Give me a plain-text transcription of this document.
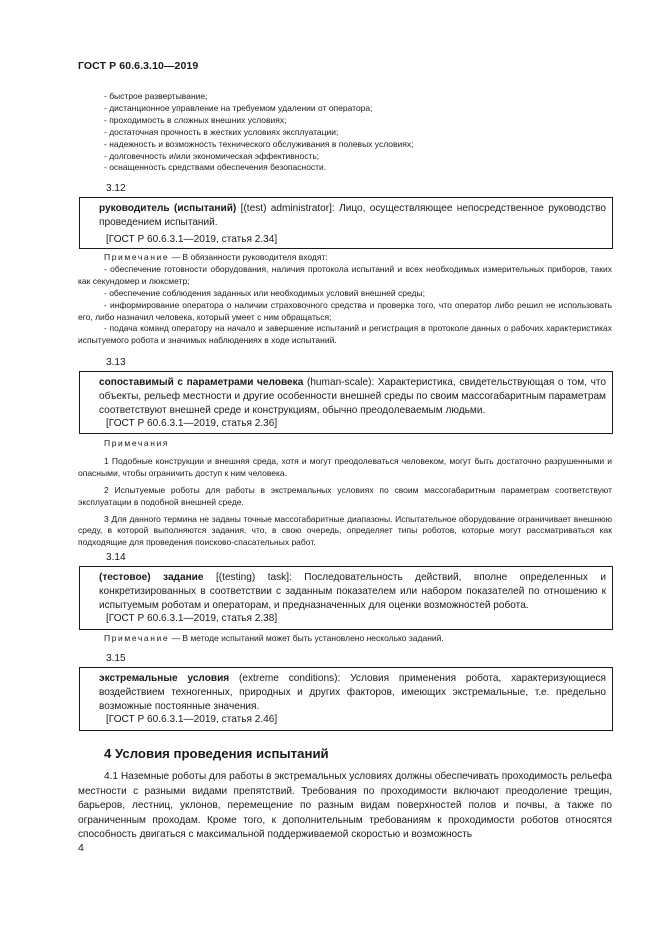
ГОСТ Р 60.6.3.10—2019
- быстрое развертывание;
- дистанционное управление на требуемом удалении от оператора;
- проходимость в сложных внешних условиях;
- достаточная прочность в жестких условиях эксплуатации;
- надежность и возможность технического обслуживания в полевых условиях;
- долговечность и/или экономическая эффективность;
- оснащенность средствами обеспечения безопасности.
3.12
руководитель (испытаний) [(test) administrator]: Лицо, осуществляющее непосредственное руководство проведением испытаний.
[ГОСТ Р 60.6.3.1—2019, статья 2.34]
Примечание — В обязанности руководителя входят:
- обеспечение готовности оборудования, наличия протокола испытаний и всех необходимых измерительных приборов, таких как секундомер и люксметр;
- обеспечение соблюдения заданных или необходимых условий внешней среды;
- информирование оператора о наличии страховочного средства и проверка того, что оператор либо решил не использовать его, либо назначил человека, который умеет с ним обращаться;
- подача команд оператору на начало и завершение испытаний и регистрация в протоколе данных о рабочих характеристиках испытуемого робота и значимых наблюдениях в ходе испытаний.
3.13
сопоставимый с параметрами человека (human-scale): Характеристика, свидетельствующая о том, что объекты, рельеф местности и другие особенности внешней среды по своим массогабаритным параметрам соответствуют внешней среде и конструкциям, обычно преодолеваемым людьми.
[ГОСТ Р 60.6.3.1—2019, статья 2.36]
Примечания
1 Подобные конструкции и внешняя среда, хотя и могут преодолеваться человеком, могут быть достаточно разрушенными и опасными, чтобы ограничить доступ к ним человека.
2 Испытуемые роботы для работы в экстремальных условиях по своим массогабаритным параметрам соответствуют эксплуатации в подобной внешней среде.
3 Для данного термина не заданы точные массогабаритные диапазоны. Испытательное оборудование ограничивает внешнюю среду, в которой выполняются задания, что, в свою очередь, определяет типы роботов, которые могут рассматриваться как подходящие для проведения поисково-спасательных работ.
3.14
(тестовое) задание [(testing) task]: Последовательность действий, вполне определенных и конкретизированных в соответствии с заданным показателем или набором показателей по отношению к испытуемым роботам и операторам, и предназначенных для оценки возможностей робота.
[ГОСТ Р 60.6.3.1—2019, статья 2.38]
Примечание — В методе испытаний может быть установлено несколько заданий.
3.15
экстремальные условия (extreme conditions): Условия применения робота, характеризующиеся воздействием техногенных, природных и других факторов, имеющих экстремальные, т.е. предельно возможные постоянные значения.
[ГОСТ Р 60.6.3.1—2019, статья 2.46]
4 Условия проведения испытаний
4.1 Наземные роботы для работы в экстремальных условиях должны обеспечивать проходимость рельефа местности с разными видами препятствий. Требования по проходимости включают преодоление трещин, барьеров, лестниц, уклонов, перемещение по разным видам поверхностей полов и почвы, а также по ограниченным проходам. Кроме того, к дополнительным требованиям к проходимости роботов относятся способность двигаться с максимальной поддерживаемой скоростью и возможность
4
